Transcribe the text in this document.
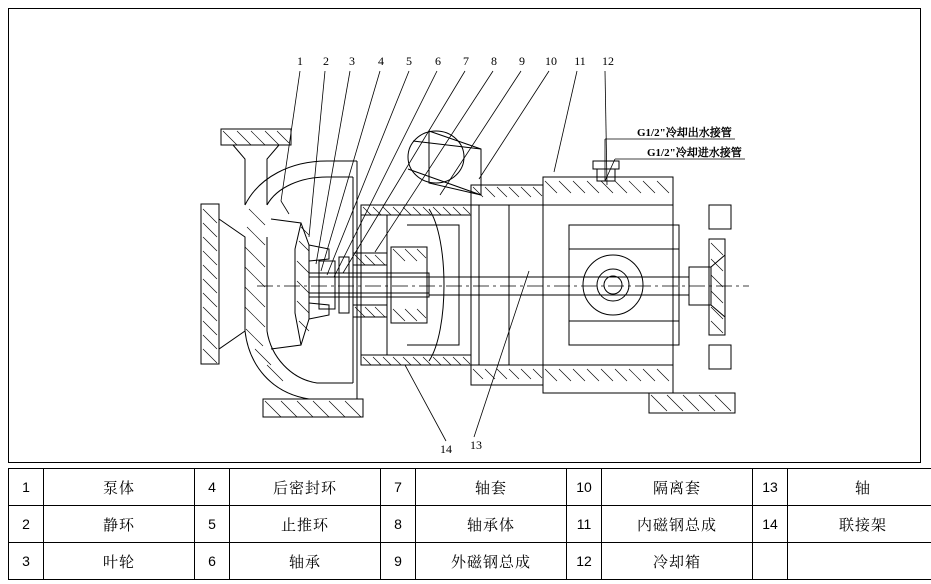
1 2 3 4 5 6 7 8 9 10 11 12
14 13
G1/2"冷却出水接管
G1/2"冷却进水接管
1	泵体	4	后密封环	7	轴套	10	隔离套	13	轴
2	静环	5	止推环	8	轴承体	11	内磁钢总成	14	联接架
3	叶轮	6	轴承	9	外磁钢总成	12	冷却箱		
